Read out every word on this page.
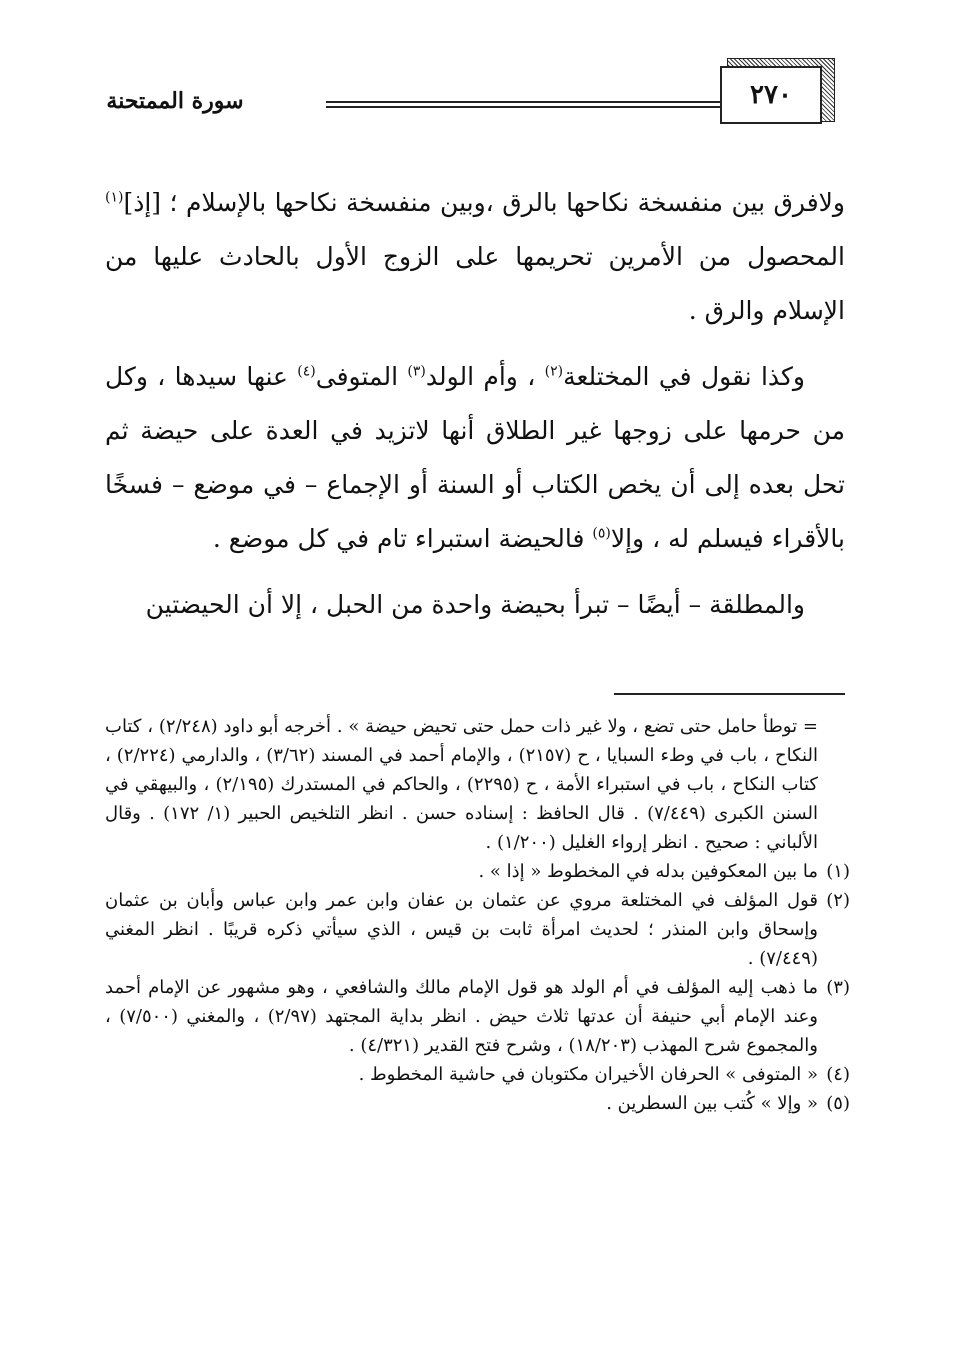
سورة الممتحنة	٢٧٠

ولافرق بين منفسخة نكاحها بالرق ،وبين منفسخة نكاحها بالإسلام ؛ [إذ]$^{(١)}$ المحصول من الأمرين تحريمها على الزوج الأول بالحادث عليها من الإسلام والرق .

وكذا نقول في المختلعة$^{(٢)}$ ، وأم الولد$^{(٣)}$ المتوفى$^{(٤)}$ عنها سيدها ، وكل من حرمها على زوجها غير الطلاق أنها لاتزيد في العدة على حيضة ثم تحل بعده إلى أن يخص الكتاب أو السنة أو الإجماع – في موضع – فسخًا بالأقراء فيسلم له ، وإلا$^{(٥)}$ فالحيضة استبراء تام في كل موضع .

والمطلقة – أيضًا – تبرأ بحيضة واحدة من الحبل ، إلا أن الحيضتين

= توطأ حامل حتى تضع ، ولا غير ذات حمل حتى تحيض حيضة » . أخرجه أبو داود (٢/٢٤٨) ، كتاب النكاح ، باب في وطء السبايا ، ح (٢١٥٧) ، والإمام أحمد في المسند (٣/٦٢) ، والدارمي (٢/٢٢٤) ، كتاب النكاح ، باب في استبراء الأمة ، ح (٢٢٩٥) ، والحاكم في المستدرك (٢/١٩٥) ، والبيهقي في السنن الكبرى (٧/٤٤٩) . قال الحافظ : إسناده حسن . انظر التلخيص الحبير (١/ ١٧٢) . وقال الألباني : صحيح . انظر إرواء الغليل (١/٢٠٠) .

(١)
ما بين المعكوفين بدله في المخطوط « إذا » .

(٢)
قول المؤلف في المختلعة مروي عن عثمان بن عفان وابن عمر وابن عباس وأبان بن عثمان وإسحاق وابن المنذر ؛ لحديث امرأة ثابت بن قيس ، الذي سيأتي ذكره قريبًا . انظر المغني (٧/٤٤٩) .

(٣)
ما ذهب إليه المؤلف في أم الولد هو قول الإمام مالك والشافعي ، وهو مشهور عن الإمام أحمد وعند الإمام أبي حنيفة أن عدتها ثلاث حيض . انظر بداية المجتهد (٢/٩٧) ، والمغني (٧/٥٠٠) ، والمجموع شرح المهذب (١٨/٢٠٣) ، وشرح فتح القدير (٤/٣٢١) .

(٤)
« المتوفى » الحرفان الأخيران مكتوبان في حاشية المخطوط .

(٥)
« وإلا » كُتب بين السطرين .
